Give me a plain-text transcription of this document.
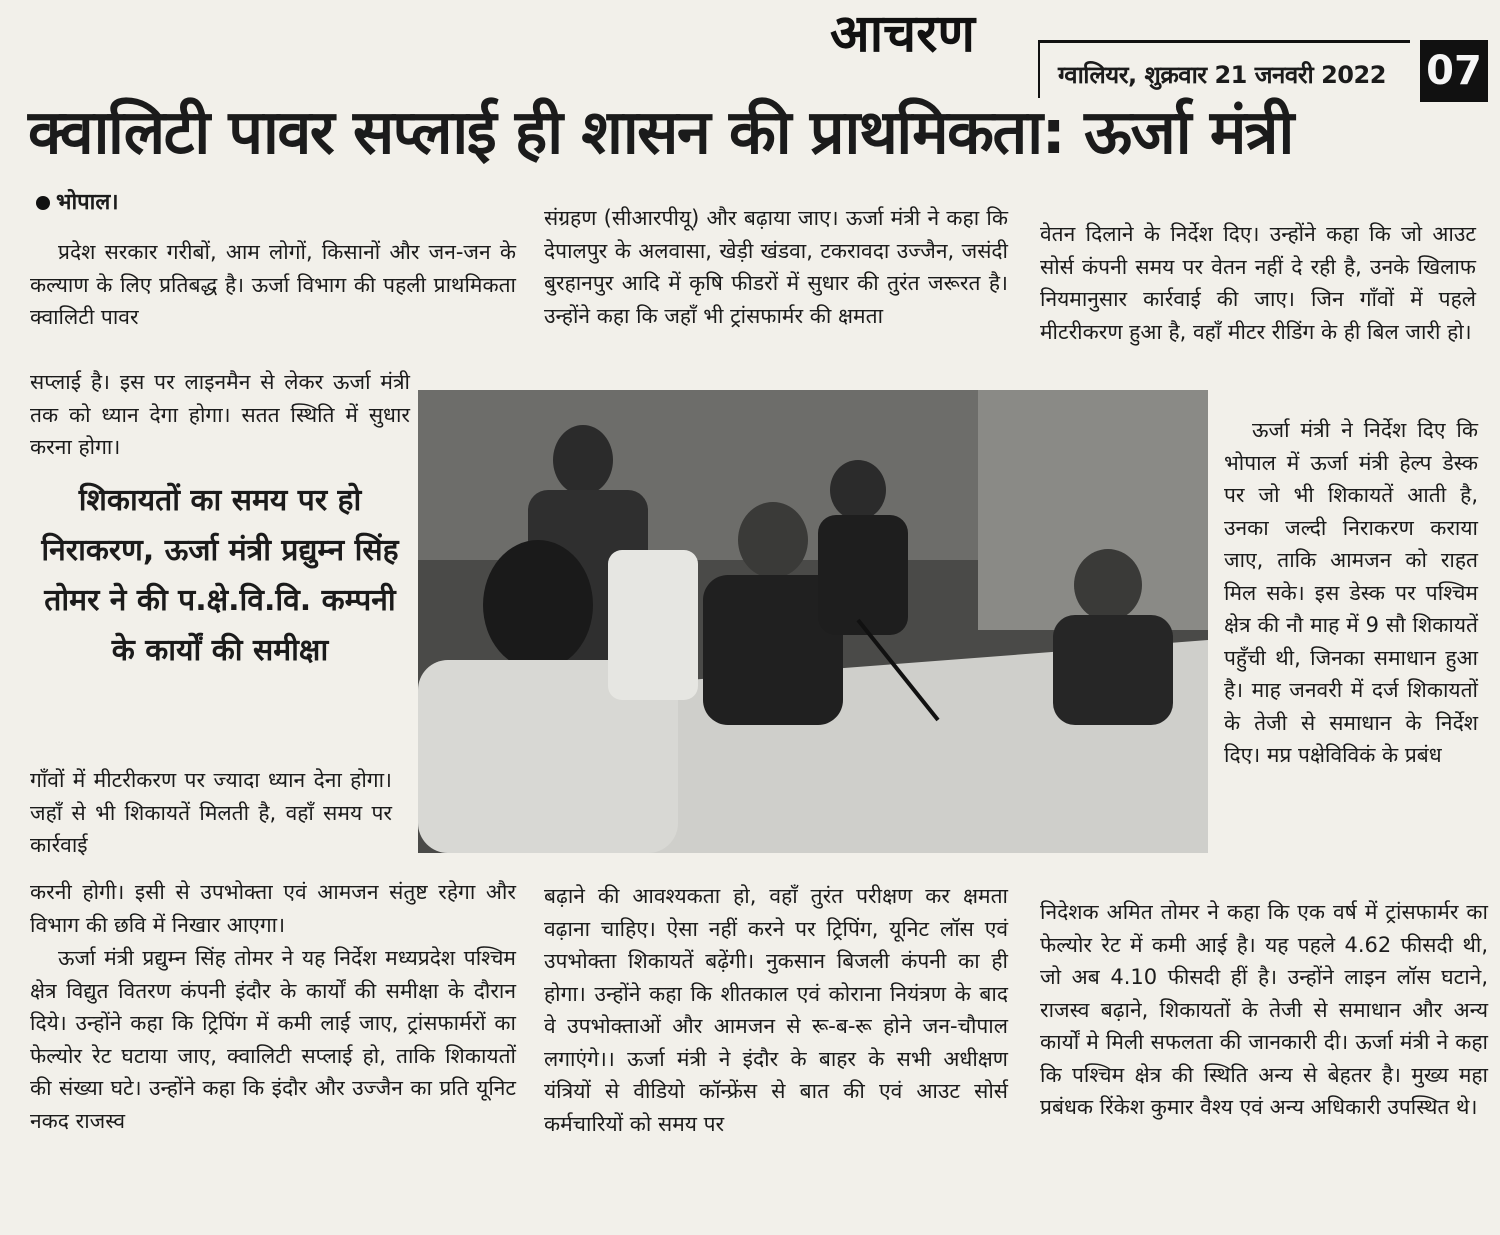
आचरण
ग्वालियर, शुक्रवार 21 जनवरी 2022 07
क्वालिटी पावर सप्लाई ही शासन की प्राथमिकता: ऊर्जा मंत्री
भोपाल।

प्रदेश सरकार गरीबों, आम लोगों, किसानों और जन-जन के कल्याण के लिए प्रतिबद्ध है। ऊर्जा विभाग की पहली प्राथमिकता क्वालिटी पावर

सप्लाई है। इस पर लाइनमैन से लेकर ऊर्जा मंत्री तक को ध्यान देगा होगा। सतत स्थिति में सुधार करना होगा।

शिकायतों का समय पर हो निराकरण, ऊर्जा मंत्री प्रद्युम्न सिंह तोमर ने की प.क्षे.वि.वि. कम्पनी के कार्यों की समीक्षा

गाँवों में मीटरीकरण पर ज्यादा ध्यान देना होगा। जहाँ से भी शिकायतें मिलती है, वहाँ समय पर कार्रवाई

करनी होगी। इसी से उपभोक्ता एवं आमजन संतुष्ट रहेगा और विभाग की छवि में निखार आएगा।

ऊर्जा मंत्री प्रद्युम्न सिंह तोमर ने यह निर्देश मध्यप्रदेश पश्चिम क्षेत्र विद्युत वितरण कंपनी इंदौर के कार्यों की समीक्षा के दौरान दिये। उन्होंने कहा कि ट्रिपिंग में कमी लाई जाए, ट्रांसफार्मरों का फेल्योर रेट घटाया जाए, क्वालिटी सप्लाई हो, ताकि शिकायतों की संख्या घटे। उन्होंने कहा कि इंदौर और उज्जैन का प्रति यूनिट नकद राजस्व

संग्रहण (सीआरपीयू) और बढ़ाया जाए। ऊर्जा मंत्री ने कहा कि देपालपुर के अलवासा, खेड़ी खंडवा, टकरावदा उज्जैन, जसंदी बुरहानपुर आदि में कृषि फीडरों में सुधार की तुरंत जरूरत है। उन्होंने कहा कि जहाँ भी ट्रांसफार्मर की क्षमता

वेतन दिलाने के निर्देश दिए। उन्होंने कहा कि जो आउट सोर्स कंपनी समय पर वेतन नहीं दे रही है, उनके खिलाफ नियमानुसार कार्रवाई की जाए। जिन गाँवों में पहले मीटरीकरण हुआ है, वहाँ मीटर रीडिंग के ही बिल जारी हो।

ऊर्जा मंत्री ने निर्देश दिए कि भोपाल में ऊर्जा मंत्री हेल्प डेस्क पर जो भी शिकायतें आती है, उनका जल्दी निराकरण कराया जाए, ताकि आमजन को राहत मिल सके। इस डेस्क पर पश्चिम क्षेत्र की नौ माह में 9 सौ शिकायतें पहुँची थी, जिनका समाधान हुआ है। माह जनवरी में दर्ज शिकायतों के तेजी से समाधान के निर्देश दिए। मप्र पक्षेविविकं के प्रबंध

बढ़ाने की आवश्यकता हो, वहाँ तुरंत परीक्षण कर क्षमता वढ़ाना चाहिए। ऐसा नहीं करने पर ट्रिपिंग, यूनिट लॉस एवं उपभोक्ता शिकायतें बढ़ेंगी। नुकसान बिजली कंपनी का ही होगा। उन्होंने कहा कि शीतकाल एवं कोराना नियंत्रण के बाद वे उपभोक्ताओं और आमजन से रू-ब-रू होने जन-चौपाल लगाएंगे।। ऊर्जा मंत्री ने इंदौर के बाहर के सभी अधीक्षण यंत्रियों से वीडियो कॉन्फ्रेंस से बात की एवं आउट सोर्स कर्मचारियों को समय पर

निदेशक अमित तोमर ने कहा कि एक वर्ष में ट्रांसफार्मर का फेल्योर रेट में कमी आई है। यह पहले 4.62 फीसदी थी, जो अब 4.10 फीसदी हीं है। उन्होंने लाइन लॉस घटाने, राजस्व बढ़ाने, शिकायतों के तेजी से समाधान और अन्य कार्यों मे मिली सफलता की जानकारी दी। ऊर्जा मंत्री ने कहा कि पश्चिम क्षेत्र की स्थिति अन्य से बेहतर है। मुख्य महा प्रबंधक रिंकेश कुमार वैश्य एवं अन्य अधिकारी उपस्थित थे।
